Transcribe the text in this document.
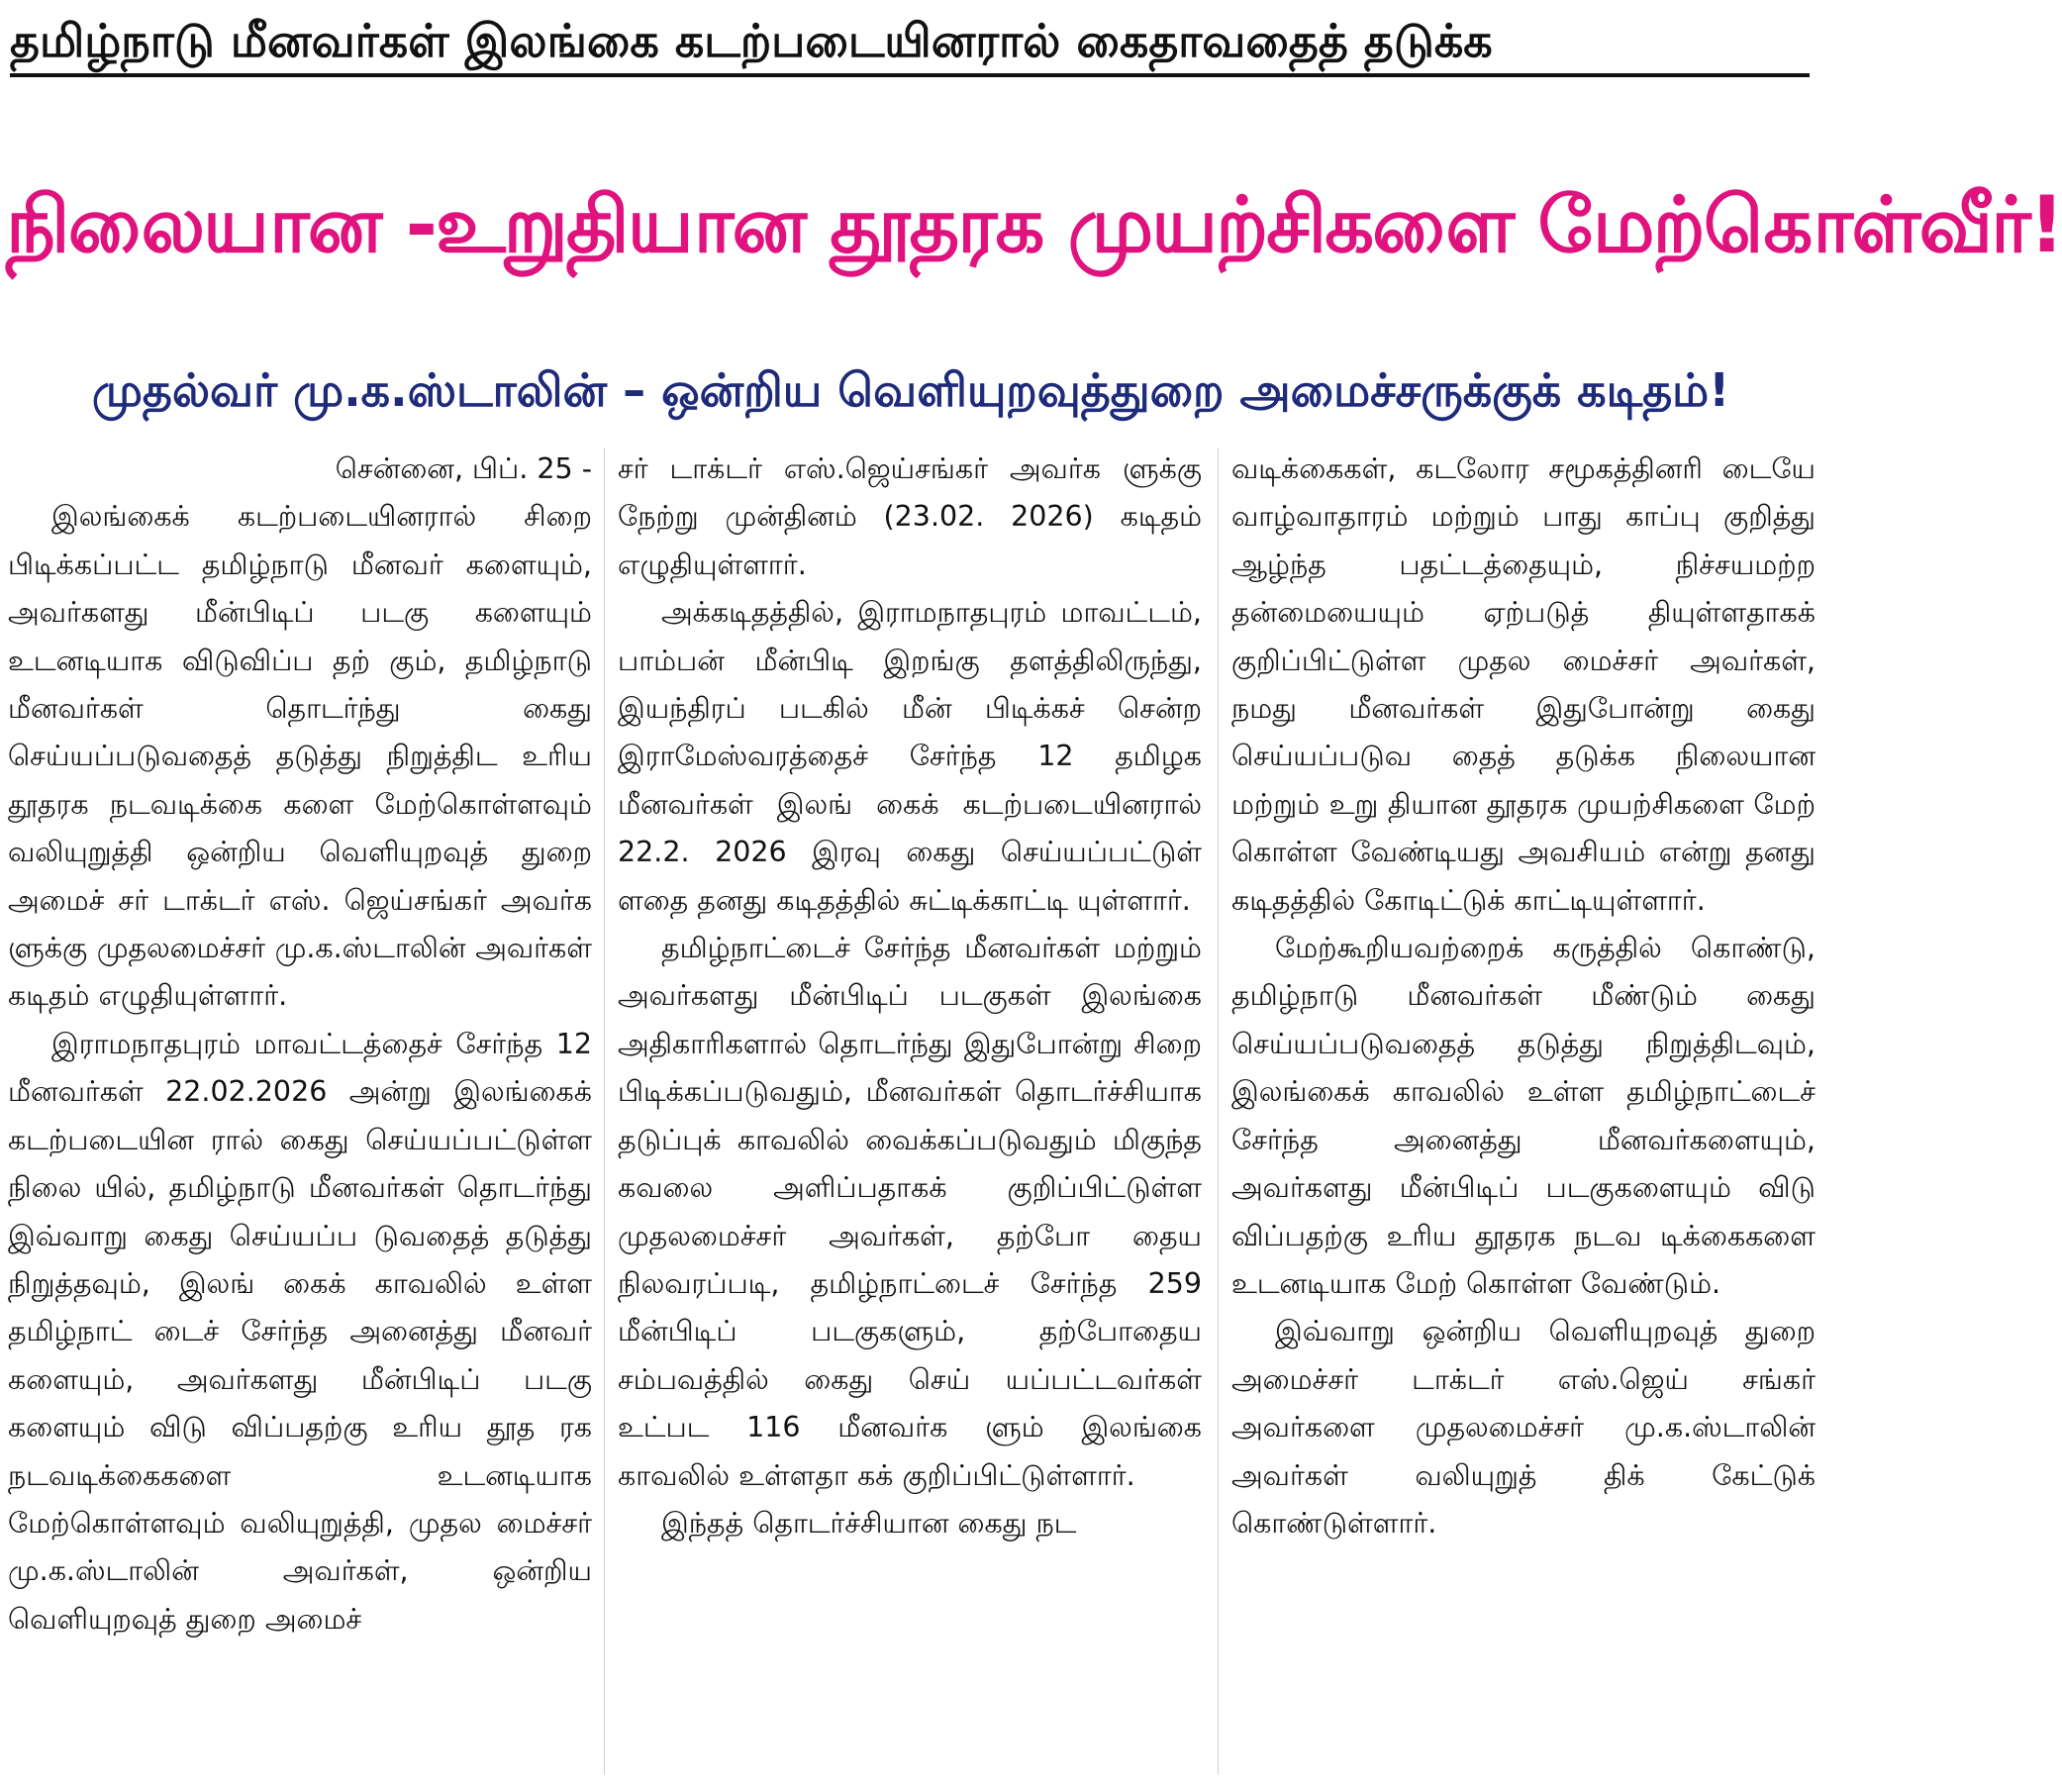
தமிழ்நாடு மீனவர்கள் இலங்கை கடற்படையினரால் கைதாவதைத் தடுக்க
நிலையான -உறுதியான தூதரக முயற்சிகளை மேற்கொள்வீர்!
முதல்வர் மு.க.ஸ்டாலின் – ஒன்றிய வெளியுறவுத்துறை அமைச்சருக்குக் கடிதம்!

சென்னை, பிப். 25 -

இலங்கைக் கடற்படையினரால் சிறை பிடிக்கப்பட்ட தமிழ்நாடு மீனவர் களையும், அவர்களது மீன்பிடிப் படகு களையும் உடனடியாக விடுவிப்ப தற் கும், தமிழ்நாடு மீனவர்கள் தொடர்ந்து கைது செய்யப்படுவதைத் தடுத்து நிறுத்திட உரிய தூதரக நடவடிக்கை களை மேற்கொள்ளவும் வலியுறுத்தி ஒன்றிய வெளியுறவுத் துறை அமைச் சர் டாக்டர் எஸ். ஜெய்சங்கர் அவர்க ளுக்கு முதலமைச்சர் மு.க.ஸ்டாலின் அவர்கள் கடிதம் எழுதியுள்ளார்.

இராமநாதபுரம் மாவட்டத்தைச் சேர்ந்த 12 மீனவர்கள் 22.02.2026 அன்று இலங்கைக் கடற்படையின ரால் கைது செய்யப்பட்டுள்ள நிலை யில், தமிழ்நாடு மீனவர்கள் தொடர்ந்து இவ்வாறு கைது செய்யப்ப டுவதைத் தடுத்து நிறுத்தவும், இலங் கைக் காவலில் உள்ள தமிழ்நாட் டைச் சேர்ந்த அனைத்து மீனவர் களையும், அவர்களது மீன்பிடிப் படகு களையும் விடு விப்பதற்கு உரிய தூத ரக நடவடிக்கைகளை உடனடியாக மேற்கொள்ளவும் வலியுறுத்தி, முதல மைச்சர் மு.க.ஸ்டாலின் அவர்கள், ஒன்றிய வெளியுறவுத் துறை அமைச்

சர் டாக்டர் எஸ்.ஜெய்சங்கர் அவர்க ளுக்கு நேற்று முன்தினம் (23.02. 2026) கடிதம் எழுதியுள்ளார்.

அக்கடிதத்தில், இராமநாதபுரம் மாவட்டம், பாம்பன் மீன்பிடி இறங்கு தளத்திலிருந்து, இயந்திரப் படகில் மீன் பிடிக்கச் சென்ற இராமேஸ்வரத்தைச் சேர்ந்த 12 தமிழக மீனவர்கள் இலங் கைக் கடற்படையினரால் 22.2. 2026 இரவு கைது செய்யப்பட்டுள் ளதை தனது கடிதத்தில் சுட்டிக்காட்டி யுள்ளார்.

தமிழ்நாட்டைச் சேர்ந்த மீனவர்கள் மற்றும் அவர்களது மீன்பிடிப் படகுகள் இலங்கை அதிகாரிகளால் தொடர்ந்து இதுபோன்று சிறை பிடிக்கப்படுவதும், மீனவர்கள் தொடர்ச்சியாக தடுப்புக் காவலில் வைக்கப்படுவதும் மிகுந்த கவலை அளிப்பதாகக் குறிப்பிட்டுள்ள முதலமைச்சர் அவர்கள், தற்போ தைய நிலவரப்படி, தமிழ்நாட்டைச் சேர்ந்த 259 மீன்பிடிப் படகுகளும், தற்போதைய சம்பவத்தில் கைது செய் யப்பட்டவர்கள் உட்பட 116 மீனவர்க ளும் இலங்கை காவலில் உள்ளதா கக் குறிப்பிட்டுள்ளார்.

இந்தத் தொடர்ச்சியான கைது நட

வடிக்கைகள், கடலோர சமூகத்தினரி டையே வாழ்வாதாரம் மற்றும் பாது காப்பு குறித்து ஆழ்ந்த பதட்டத்தையும், நிச்சயமற்ற தன்மையையும் ஏற்படுத் தியுள்ளதாகக் குறிப்பிட்டுள்ள முதல மைச்சர் அவர்கள், நமது மீனவர்கள் இதுபோன்று கைது செய்யப்படுவ தைத் தடுக்க நிலையான மற்றும் உறு தியான தூதரக முயற்சிகளை மேற் கொள்ள வேண்டியது அவசியம் என்று தனது கடிதத்தில் கோடிட்டுக் காட்டியுள்ளார்.

மேற்கூறியவற்றைக் கருத்தில் கொண்டு, தமிழ்நாடு மீனவர்கள் மீண்டும் கைது செய்யப்படுவதைத் தடுத்து நிறுத்திடவும், இலங்கைக் காவலில் உள்ள தமிழ்நாட்டைச் சேர்ந்த அனைத்து மீனவர்களையும், அவர்களது மீன்பிடிப் படகுகளையும் விடு விப்பதற்கு உரிய தூதரக நடவ டிக்கைகளை உடனடியாக மேற் கொள்ள வேண்டும்.

இவ்வாறு ஒன்றிய வெளியுறவுத் துறை அமைச்சர் டாக்டர் எஸ்.ஜெய் சங்கர் அவர்களை முதலமைச்சர் மு.க.ஸ்டாலின் அவர்கள் வலியுறுத் திக் கேட்டுக் கொண்டுள்ளார்.
